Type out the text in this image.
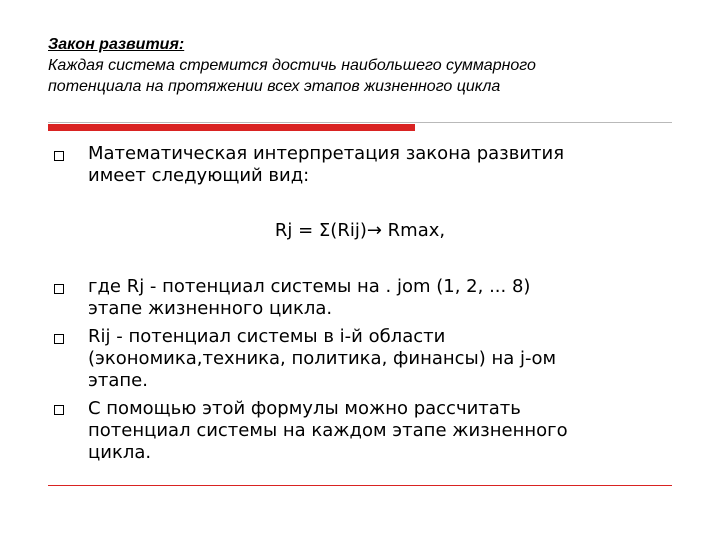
Закон развития:
Каждая система стремится достичь наибольшего суммарного
потенциала на протяжении всех этапов жизненного цикла
Математическая интерпретация закона развития
имеет следующий вид:
Rj = Σ(Rij)→ Rmax,
где Rj - потенциал системы на . jom (1, 2, ... 8)
этапе жизненного цикла.
Rij - потенциал системы в i-й области
(экономика,техника, политика, финансы) на j-ом
этапе.
С помощью этой формулы можно рассчитать
потенциал системы на каждом этапе жизненного
цикла.
